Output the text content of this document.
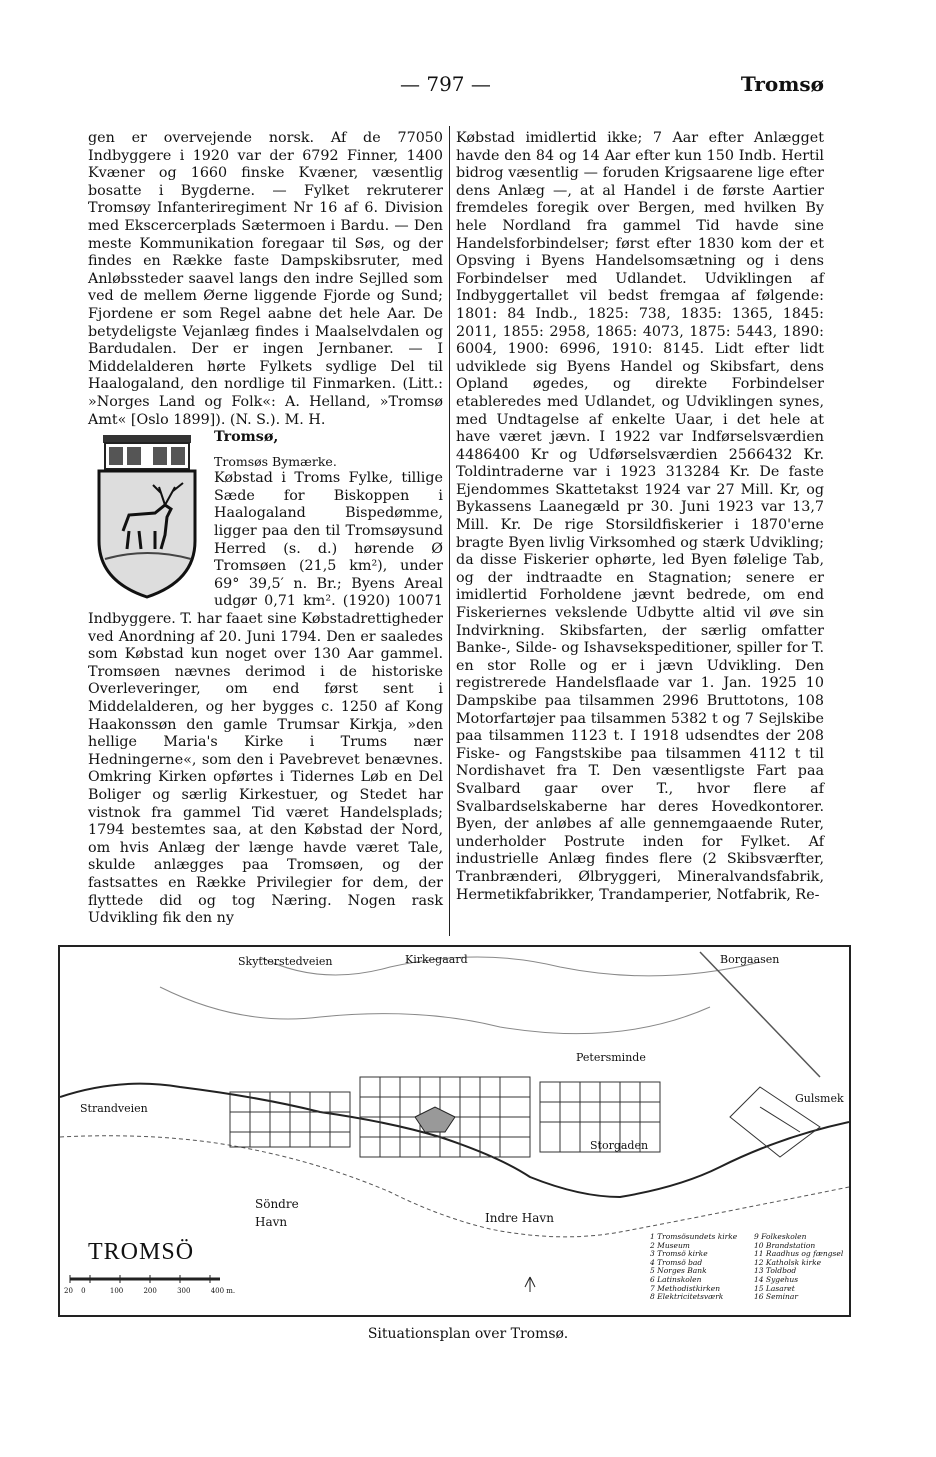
— 797 —	Tromsø

gen er overvejende norsk. Af de 77050 Indbyggere i 1920 var der 6792 Finner, 1400 Kvæner og 1660 finske Kvæner, væsentlig bosatte i Bygderne. — Fylket rekruterer Tromsøy Infanteriregiment Nr 16 af 6. Division med Ekscercerplads Sætermoen i Bardu. — Den meste Kommunikation foregaar til Søs, og der findes en Række faste Dampskibsruter, med Anløbssteder saavel langs den indre Sejlled som ved de mellem Øerne liggende Fjorde og Sund; Fjordene er som Regel aabne det hele Aar. De betydeligste Vejanlæg findes i Maalselvdalen og Bardudalen. Der er ingen Jernbaner. — I Middelalderen hørte Fylkets sydlige Del til Haalogaland, den nordlige til Finmarken. (Litt.: »Norges Land og Folk«: A. Helland, »Tromsø Amt« [Oslo 1899]). (N. S.). M. H.

Tromsø,

Tromsøs Bymærke.
Købstad i Troms Fylke, tillige Sæde for Biskoppen i Haalogaland Bispedømme, ligger paa den til Tromsøysund Herred (s. d.) hørende Ø Tromsøen (21,5 km²), under 69° 39,5′ n. Br.; Byens Areal udgør 0,71 km². (1920) 10071 Indbyggere. T. har faaet sine Købstadrettigheder ved Anordning af 20. Juni 1794. Den er saaledes som Købstad kun noget over 130 Aar gammel. Tromsøen nævnes derimod i de historiske Overleveringer, om end først sent i Middelalderen, og her bygges c. 1250 af Kong Haakonssøn den gamle Trumsar Kirkja, »den hellige Maria's Kirke i Trums nær Hedningerne«, som den i Pavebrevet benævnes. Omkring Kirken opførtes i Tidernes Løb en Del Boliger og særlig Kirkestuer, og Stedet har vistnok fra gammel Tid været Handelsplads; 1794 bestemtes saa, at den Købstad der Nord, om hvis Anlæg der længe havde været Tale, skulde anlægges paa Tromsøen, og der fastsattes en Række Privilegier for dem, der flyttede did og tog Næring. Nogen rask Udvikling fik den ny

Købstad imidlertid ikke; 7 Aar efter Anlægget havde den 84 og 14 Aar efter kun 150 Indb. Hertil bidrog væsentlig — foruden Krigsaarene lige efter dens Anlæg —, at al Handel i de første Aartier fremdeles foregik over Bergen, med hvilken By hele Nordland fra gammel Tid havde sine Handelsforbindelser; først efter 1830 kom der et Opsving i Byens Handelsomsætning og i dens Forbindelser med Udlandet. Udviklingen af Indbyggertallet vil bedst fremgaa af følgende: 1801: 84 Indb., 1825: 738, 1835: 1365, 1845: 2011, 1855: 2958, 1865: 4073, 1875: 5443, 1890: 6004, 1900: 6996, 1910: 8145. Lidt efter lidt udviklede sig Byens Handel og Skibsfart, dens Opland øgedes, og direkte Forbindelser etableredes med Udlandet, og Udviklingen synes, med Undtagelse af enkelte Uaar, i det hele at have været jævn. I 1922 var Indførselsværdien 4486400 Kr og Udførselsværdien 2566432 Kr. Toldintraderne var i 1923 313284 Kr. De faste Ejendommes Skattetakst 1924 var 27 Mill. Kr, og Bykassens Laanegæld pr 30. Juni 1923 var 13,7 Mill. Kr. De rige Storsildfiskerier i 1870'erne bragte Byen livlig Virksomhed og stærk Udvikling; da disse Fiskerier ophørte, led Byen følelige Tab, og der indtraadte en Stagnation; senere er imidlertid Forholdene jævnt bedrede, om end Fiskeriernes vekslende Udbytte altid vil øve sin Indvirkning. Skibsfarten, der særlig omfatter Banke-, Silde- og Ishavsekspeditioner, spiller for T. en stor Rolle og er i jævn Udvikling. Den registrerede Handelsflaade var 1. Jan. 1925 10 Dampskibe paa tilsammen 2996 Bruttotons, 108 Motorfartøjer paa tilsammen 5382 t og 7 Sejlskibe paa tilsammen 1123 t. I 1918 udsendtes der 208 Fiske- og Fangstskibe paa tilsammen 4112 t til Nordishavet fra T. Den væsentligste Fart paa Svalbard gaar over T., hvor flere af Svalbardselskaberne har deres Hovedkontorer. Byen, der anløbes af alle gennemgaaende Ruter, underholder Postrute inden for Fylket. Af industrielle Anlæg findes flere (2 Skibsværfter, Tranbrænderi, Ølbryggeri, Mineralvandsfabrik, Hermetikfabrikker, Trandamperier, Notfabrik, Re-

Skytterstedveien	Kirkegaard	Borgaasen
Petersminde
Gulsmek
Strandveien
Storgaden
Söndre Havn	Indre Havn
TROMSÖ
20 0	100	200	300	400 m.
1 Tromsösundets kirke
2 Museum
3 Tromsö kirke
4 Tromsö bad
5 Norges Bank
6 Latinskolen
7 Methodistkirken
8 Elektricitetsværk
9 Folkeskolen
10 Brandstation
11 Raadhus og fængsel
12 Katholsk kirke
13 Toldbod
14 Sygehus
15 Lasaret
16 Seminar
Situationsplan over Tromsø.
